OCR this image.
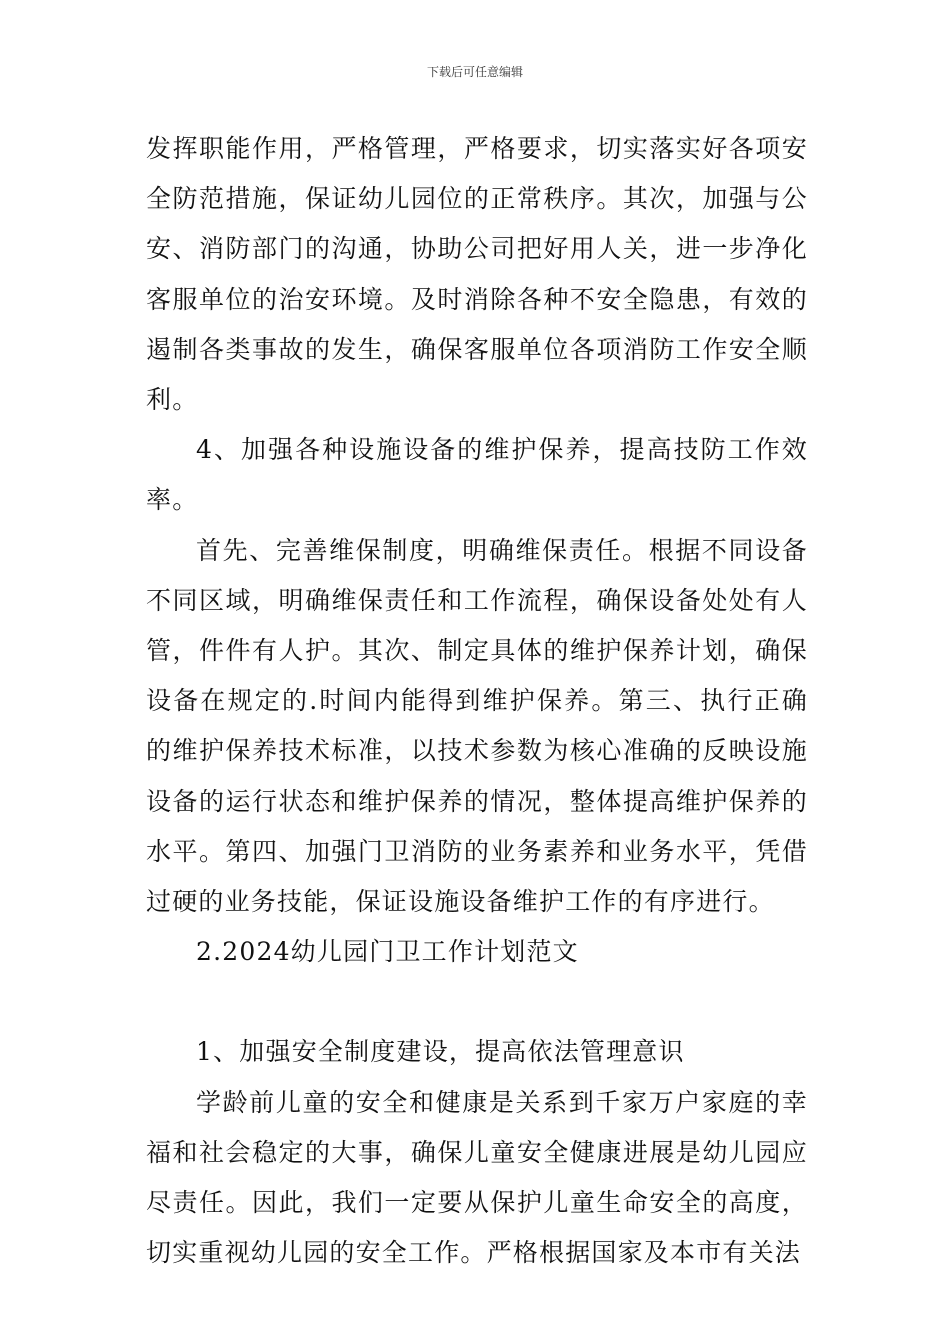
下载后可任意编辑

发挥职能作用，严格管理，严格要求，切实落实好各项安全防范措施，保证幼儿园位的正常秩序。其次，加强与公安、消防部门的沟通，协助公司把好用人关，进一步净化客服单位的治安环境。及时消除各种不安全隐患，有效的遏制各类事故的发生，确保客服单位各项消防工作安全顺利。

4、加强各种设施设备的维护保养，提高技防工作效率。

首先、完善维保制度，明确维保责任。根据不同设备不同区域，明确维保责任和工作流程，确保设备处处有人管，件件有人护。其次、制定具体的维护保养计划，确保设备在规定的.时间内能得到维护保养。第三、执行正确的维护保养技术标准，以技术参数为核心准确的反映设施设备的运行状态和维护保养的情况，整体提高维护保养的水平。第四、加强门卫消防的业务素养和业务水平，凭借过硬的业务技能，保证设施设备维护工作的有序进行。

2.2024幼儿园门卫工作计划范文

1、加强安全制度建设，提高依法管理意识

学龄前儿童的安全和健康是关系到千家万户家庭的幸福和社会稳定的大事，确保儿童安全健康进展是幼儿园应尽责任。因此，我们一定要从保护儿童生命安全的高度，切实重视幼儿园的安全工作。严格根据国家及本市有关法
